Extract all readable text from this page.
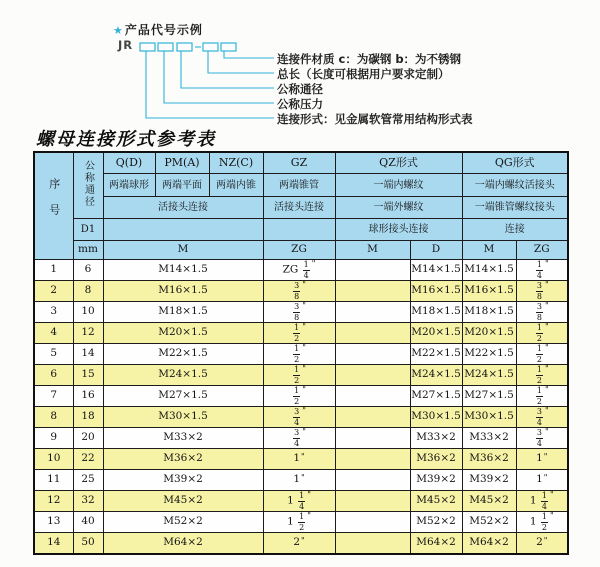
★产品代号示例
JR
连接件材质 c：为碳钢 b：为不锈钢
总长（长度可根据用户要求定制）
公称通径
公称压力
连接形式：见金属软管常用结构形式表
螺母连接形式参考表
序号	公称通径	Q(D)	PM(A)	NZ(C)	GZ	QZ形式		QG形式	
		两端球形	两端平面	两端内锥	两端锥管	一端内螺纹		一端内螺纹活接头	
		活接头连接			活接头连接	一端外螺纹		一端锥管螺纹接头	
	D1					球形接头连接		连接	
	mm	M			ZG	M	D	M	ZG
1	6	M14×1.5			ZG $\frac{1}{4} ^"$		M14×1.5	M14×1.5	$\frac{1}{4} ^"$
2	8	M16×1.5			$\frac{3}{8} ^"$		M16×1.5	M16×1.5	$\frac{3}{8} ^"$
3	10	M18×1.5			$\frac{3}{8} ^"$		M18×1.5	M18×1.5	$\frac{3}{8} ^"$
4	12	M20×1.5			$\frac{1}{2} ^"$		M20×1.5	M20×1.5	$\frac{1}{2} ^"$
5	14	M22×1.5			$\frac{1}{2} ^"$		M22×1.5	M22×1.5	$\frac{1}{2} ^"$
6	15	M24×1.5			$\frac{1}{2} ^"$		M24×1.5	M24×1.5	$\frac{1}{2} ^"$
7	16	M27×1.5			$\frac{1}{2} ^"$		M27×1.5	M27×1.5	$\frac{1}{2} ^"$
8	18	M30×1.5			$\frac{3}{4} ^"$		M30×1.5	M30×1.5	$\frac{3}{4} ^"$
9	20	M33×2			$\frac{3}{4} ^"$		M33×2	M33×2	$\frac{3}{4} ^"$
10	22	M36×2			1"		M36×2	M36×2	1"
11	25	M39×2			1"		M39×2	M39×2	1"
12	32	M45×2			$1 \frac{1}{4} ^"$		M45×2	M45×2	$1 \frac{1}{4} ^"$
13	40	M52×2			$1 \frac{1}{2} ^"$		M52×2	M52×2	$1 \frac{1}{2} ^"$
14	50	M64×2			2"		M64×2	M64×2	2"
